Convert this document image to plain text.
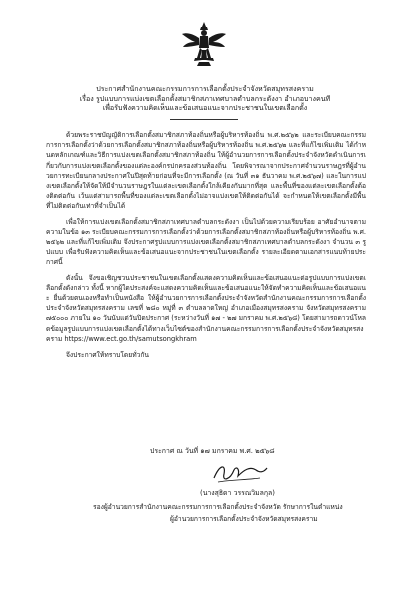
ประกาศสำนักงานคณะกรรมการการเลือกตั้งประจำจังหวัดสมุทรสงคราม
เรื่อง รูปแบบการแบ่งเขตเลือกตั้งสมาชิกสภาเทศบาลตำบลกระดังงา อำเภอบางคนที
เพื่อรับฟังความคิดเห็นและข้อเสนอแนะจากประชาชนในเขตเลือกตั้ง
ด้วยพระราชบัญญัติการเลือกตั้งสมาชิกสภาท้องถิ่นหรือผู้บริหารท้องถิ่น พ.ศ.๒๕๖๒ และระเบียบคณะกรรมการการเลือกตั้งว่าด้วยการเลือกตั้งสมาชิกสภาท้องถิ่นหรือผู้บริหารท้องถิ่น พ.ศ.๒๕๖๒ และที่แก้ไขเพิ่มเติม ได้กำหนดหลักเกณฑ์และวิธีการแบ่งเขตเลือกตั้งสมาชิกสภาท้องถิ่น ให้ผู้อำนวยการการเลือกตั้งประจำจังหวัดดำเนินการเกี่ยวกับการแบ่งเขตเลือกตั้งของแต่ละองค์กรปกครองส่วนท้องถิ่น โดยพิจารณาจากประกาศจำนวนราษฎรที่ผู้อำนวยการทะเบียนกลางประกาศในปีสุดท้ายก่อนที่จะมีการเลือกตั้ง (ณ วันที่ ๓๑ ธันวาคม พ.ศ.๒๕๖๗) และในการแบ่งเขตเลือกตั้งให้จัดให้มีจำนวนราษฎรในแต่ละเขตเลือกตั้งใกล้เคียงกันมากที่สุด และพื้นที่ของแต่ละเขตเลือกตั้งต้องติดต่อกัน เว้นแต่สามารถพื้นที่ของแต่ละเขตเลือกตั้งไม่อาจแบ่งเขตให้ติดต่อกันได้ จะกำหนดให้เขตเลือกตั้งมีพื้นที่ไม่ติดต่อกันเท่าที่จำเป็นได้
เพื่อให้การแบ่งเขตเลือกตั้งสมาชิกสภาเทศบาลตำบลกระดังงา เป็นไปด้วยความเรียบร้อย อาศัยอำนาจตามความในข้อ ๑๓ ระเบียบคณะกรรมการการเลือกตั้งว่าด้วยการเลือกตั้งสมาชิกสภาท้องถิ่นหรือผู้บริหารท้องถิ่น พ.ศ.๒๕๖๒ และที่แก้ไขเพิ่มเติม จึงประกาศรูปแบบการแบ่งเขตเลือกตั้งสมาชิกสภาเทศบาลตำบลกระดังงา จำนวน ๓ รูปแบบ เพื่อรับฟังความคิดเห็นและข้อเสนอแนะจากประชาชนในเขตเลือกตั้ง รายละเอียดตามเอกสารแนบท้ายประกาศนี้
ดังนั้น จึงขอเชิญชวนประชาชนในเขตเลือกตั้งแสดงความคิดเห็นและข้อเสนอแนะต่อรูปแบบการแบ่งเขตเลือกตั้งดังกล่าว ทั้งนี้ หากผู้ใดประสงค์จะแสดงความคิดเห็นและข้อเสนอแนะให้จัดทำความคิดเห็นและข้อเสนอแนะ ยื่นด้วยตนเองหรือทำเป็นหนังสือ ให้ผู้อำนวยการการเลือกตั้งประจำจังหวัดสำนักงานคณะกรรมการการเลือกตั้งประจำจังหวัดสมุทรสงคราม เลขที่ ๒๘๐ หมู่ที่ ๓ ตำบลลาดใหญ่ อำเภอเมืองสมุทรสงคราม จังหวัดสมุทรสงคราม ๗๕๐๐๐ ภายใน ๑๐ วันนับแต่วันปิดประกาศ (ระหว่างวันที่ ๑๗ - ๒๗ มกราคม พ.ศ.๒๕๖๘) โดยสามารถดาวน์โหลดข้อมูลรูปแบบการแบ่งเขตเลือกตั้งได้ทางเว็บไซต์ของสำนักงานคณะกรรมการการเลือกตั้งประจำจังหวัดสมุทรสงคราม https://www.ect.go.th/samutsongkhram
จึงประกาศให้ทราบโดยทั่วกัน
ประกาศ ณ วันที่ ๑๗ มกราคม พ.ศ. ๒๕๖๘
(นางสุธิดา วรรณวิมลกุล)
รองผู้อำนวยการสำนักงานคณะกรรมการการเลือกตั้งประจำจังหวัด รักษาการในตำแหน่ง
ผู้อำนวยการการเลือกตั้งประจำจังหวัดสมุทรสงคราม
